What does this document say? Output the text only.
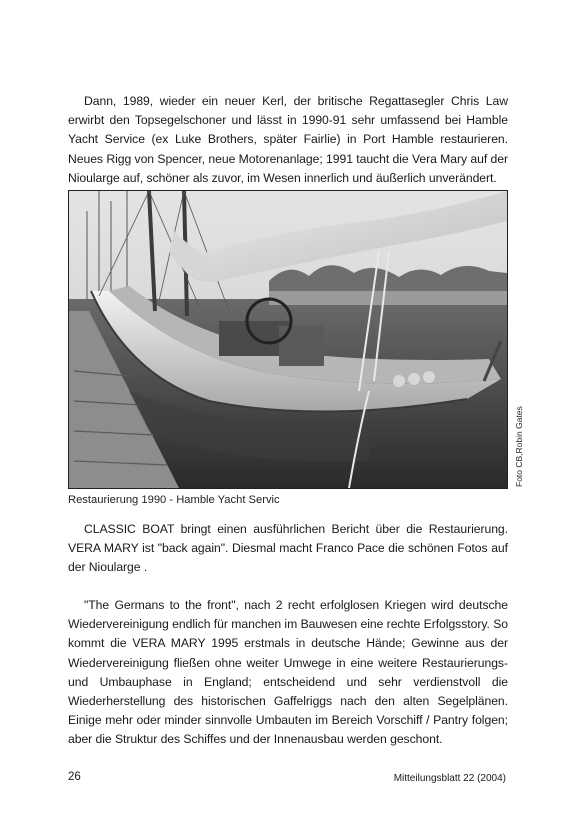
Dann, 1989, wieder ein neuer Kerl, der britische Regattasegler Chris Law erwirbt den Topsegelschoner und lässt in 1990-91 sehr umfassend bei Hamble Yacht Service (ex Luke Brothers, später Fairlie) in Port Hamble restaurieren. Neues Rigg von Spencer, neue Motorenanlage; 1991 taucht die Vera Mary auf der Nioularge auf, schöner als zuvor, im Wesen innerlich und äußerlich unverändert.

Foto CB,Robin Gates
Restaurierung 1990 - Hamble Yacht Servic

CLASSIC BOAT bringt einen ausführlichen Bericht über die Restaurierung. VERA MARY ist "back again". Diesmal macht Franco Pace die schönen Fotos auf der Nioularge .

"The Germans to the front", nach 2 recht erfolglosen Kriegen wird deutsche Wiedervereinigung endlich für manchen im Bauwesen eine rechte Erfolgsstory. So kommt die VERA MARY 1995 erstmals in deutsche Hände; Gewinne aus der Wiedervereinigung fließen ohne weiter Umwege in eine weitere Restaurierungs- und Umbauphase in England; entscheidend und sehr verdienstvoll die Wiederherstellung des historischen Gaffelriggs nach den alten Segelplänen. Einige mehr oder minder sinnvolle Umbauten im Bereich Vorschiff / Pantry folgen; aber die Struktur des Schiffes und der Innenausbau werden geschont.

26	Mitteilungsblatt 22 (2004)
